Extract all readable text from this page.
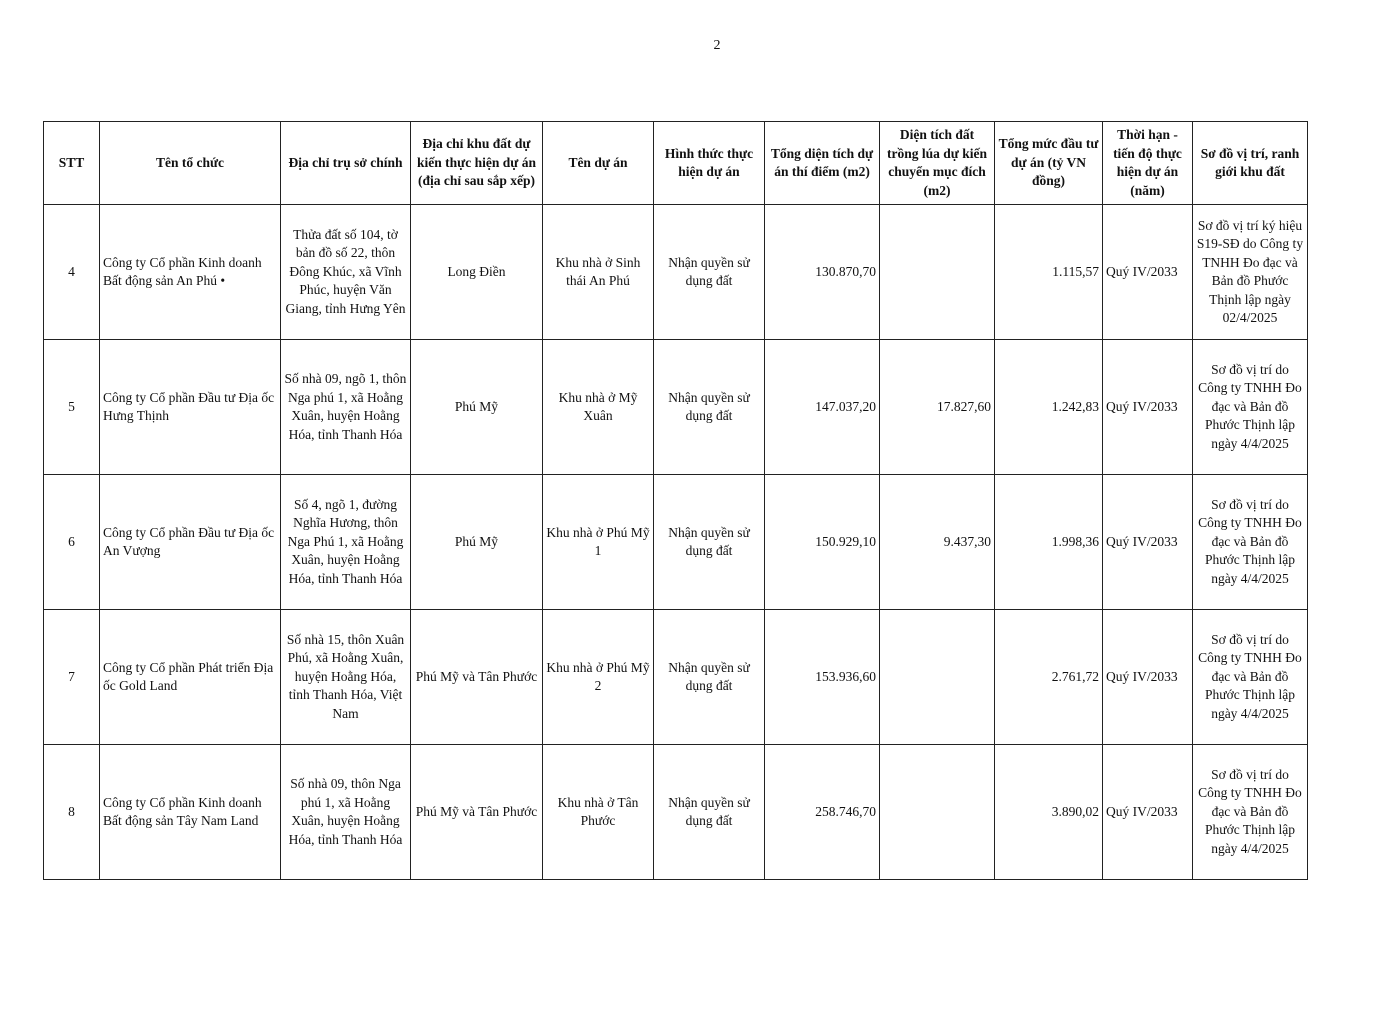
2
STT	Tên tổ chức	Địa chỉ trụ sở chính	Địa chỉ khu đất dự kiến thực hiện dự án (địa chỉ sau sắp xếp)	Tên dự án	Hình thức thực hiện dự án	Tổng diện tích dự án thí điểm (m2)	Diện tích đất trồng lúa dự kiến chuyển mục đích (m2)	Tổng mức đầu tư dự án (tỷ VN đồng)	Thời hạn - tiến độ thực hiện dự án (năm)	Sơ đồ vị trí, ranh giới khu đất
4	Công ty Cổ phần Kinh doanh Bất động sản An Phú •	Thửa đất số 104, tờ bản đồ số 22, thôn Đông Khúc, xã Vĩnh Phúc, huyện Văn Giang, tỉnh Hưng Yên	Long Điền	Khu nhà ở Sinh thái An Phú	Nhận quyền sử dụng đất	130.870,70		1.115,57	Quý IV/2033	Sơ đồ vị trí ký hiệu S19-SĐ do Công ty TNHH Đo đạc và Bản đồ Phước Thịnh lập ngày 02/4/2025
5	Công ty Cổ phần Đầu tư Địa ốc Hưng Thịnh	Số nhà 09, ngõ 1, thôn Nga phú 1, xã Hoằng Xuân, huyện Hoằng Hóa, tỉnh Thanh Hóa	Phú Mỹ	Khu nhà ở Mỹ Xuân	Nhận quyền sử dụng đất	147.037,20	17.827,60	1.242,83	Quý IV/2033	Sơ đồ vị trí do Công ty TNHH Đo đạc và Bản đồ Phước Thịnh lập ngày 4/4/2025
6	Công ty Cổ phần Đầu tư Địa ốc An Vượng	Số 4, ngõ 1, đường Nghĩa Hương, thôn Nga Phú 1, xã Hoằng Xuân, huyện Hoằng Hóa, tỉnh Thanh Hóa	Phú Mỹ	Khu nhà ở Phú Mỹ 1	Nhận quyền sử dụng đất	150.929,10	9.437,30	1.998,36	Quý IV/2033	Sơ đồ vị trí do Công ty TNHH Đo đạc và Bản đồ Phước Thịnh lập ngày 4/4/2025
7	Công ty Cổ phần Phát triển Địa ốc Gold Land	Số nhà 15, thôn Xuân Phú, xã Hoằng Xuân, huyện Hoằng Hóa, tỉnh Thanh Hóa, Việt Nam	Phú Mỹ và Tân Phước	Khu nhà ở Phú Mỹ 2	Nhận quyền sử dụng đất	153.936,60		2.761,72	Quý IV/2033	Sơ đồ vị trí do Công ty TNHH Đo đạc và Bản đồ Phước Thịnh lập ngày 4/4/2025
8	Công ty Cổ phần Kinh doanh Bất động sản Tây Nam Land	Số nhà 09, thôn Nga phú 1, xã Hoằng Xuân, huyện Hoằng Hóa, tỉnh Thanh Hóa	Phú Mỹ và Tân Phước	Khu nhà ở Tân Phước	Nhận quyền sử dụng đất	258.746,70		3.890,02	Quý IV/2033	Sơ đồ vị trí do Công ty TNHH Đo đạc và Bản đồ Phước Thịnh lập ngày 4/4/2025
